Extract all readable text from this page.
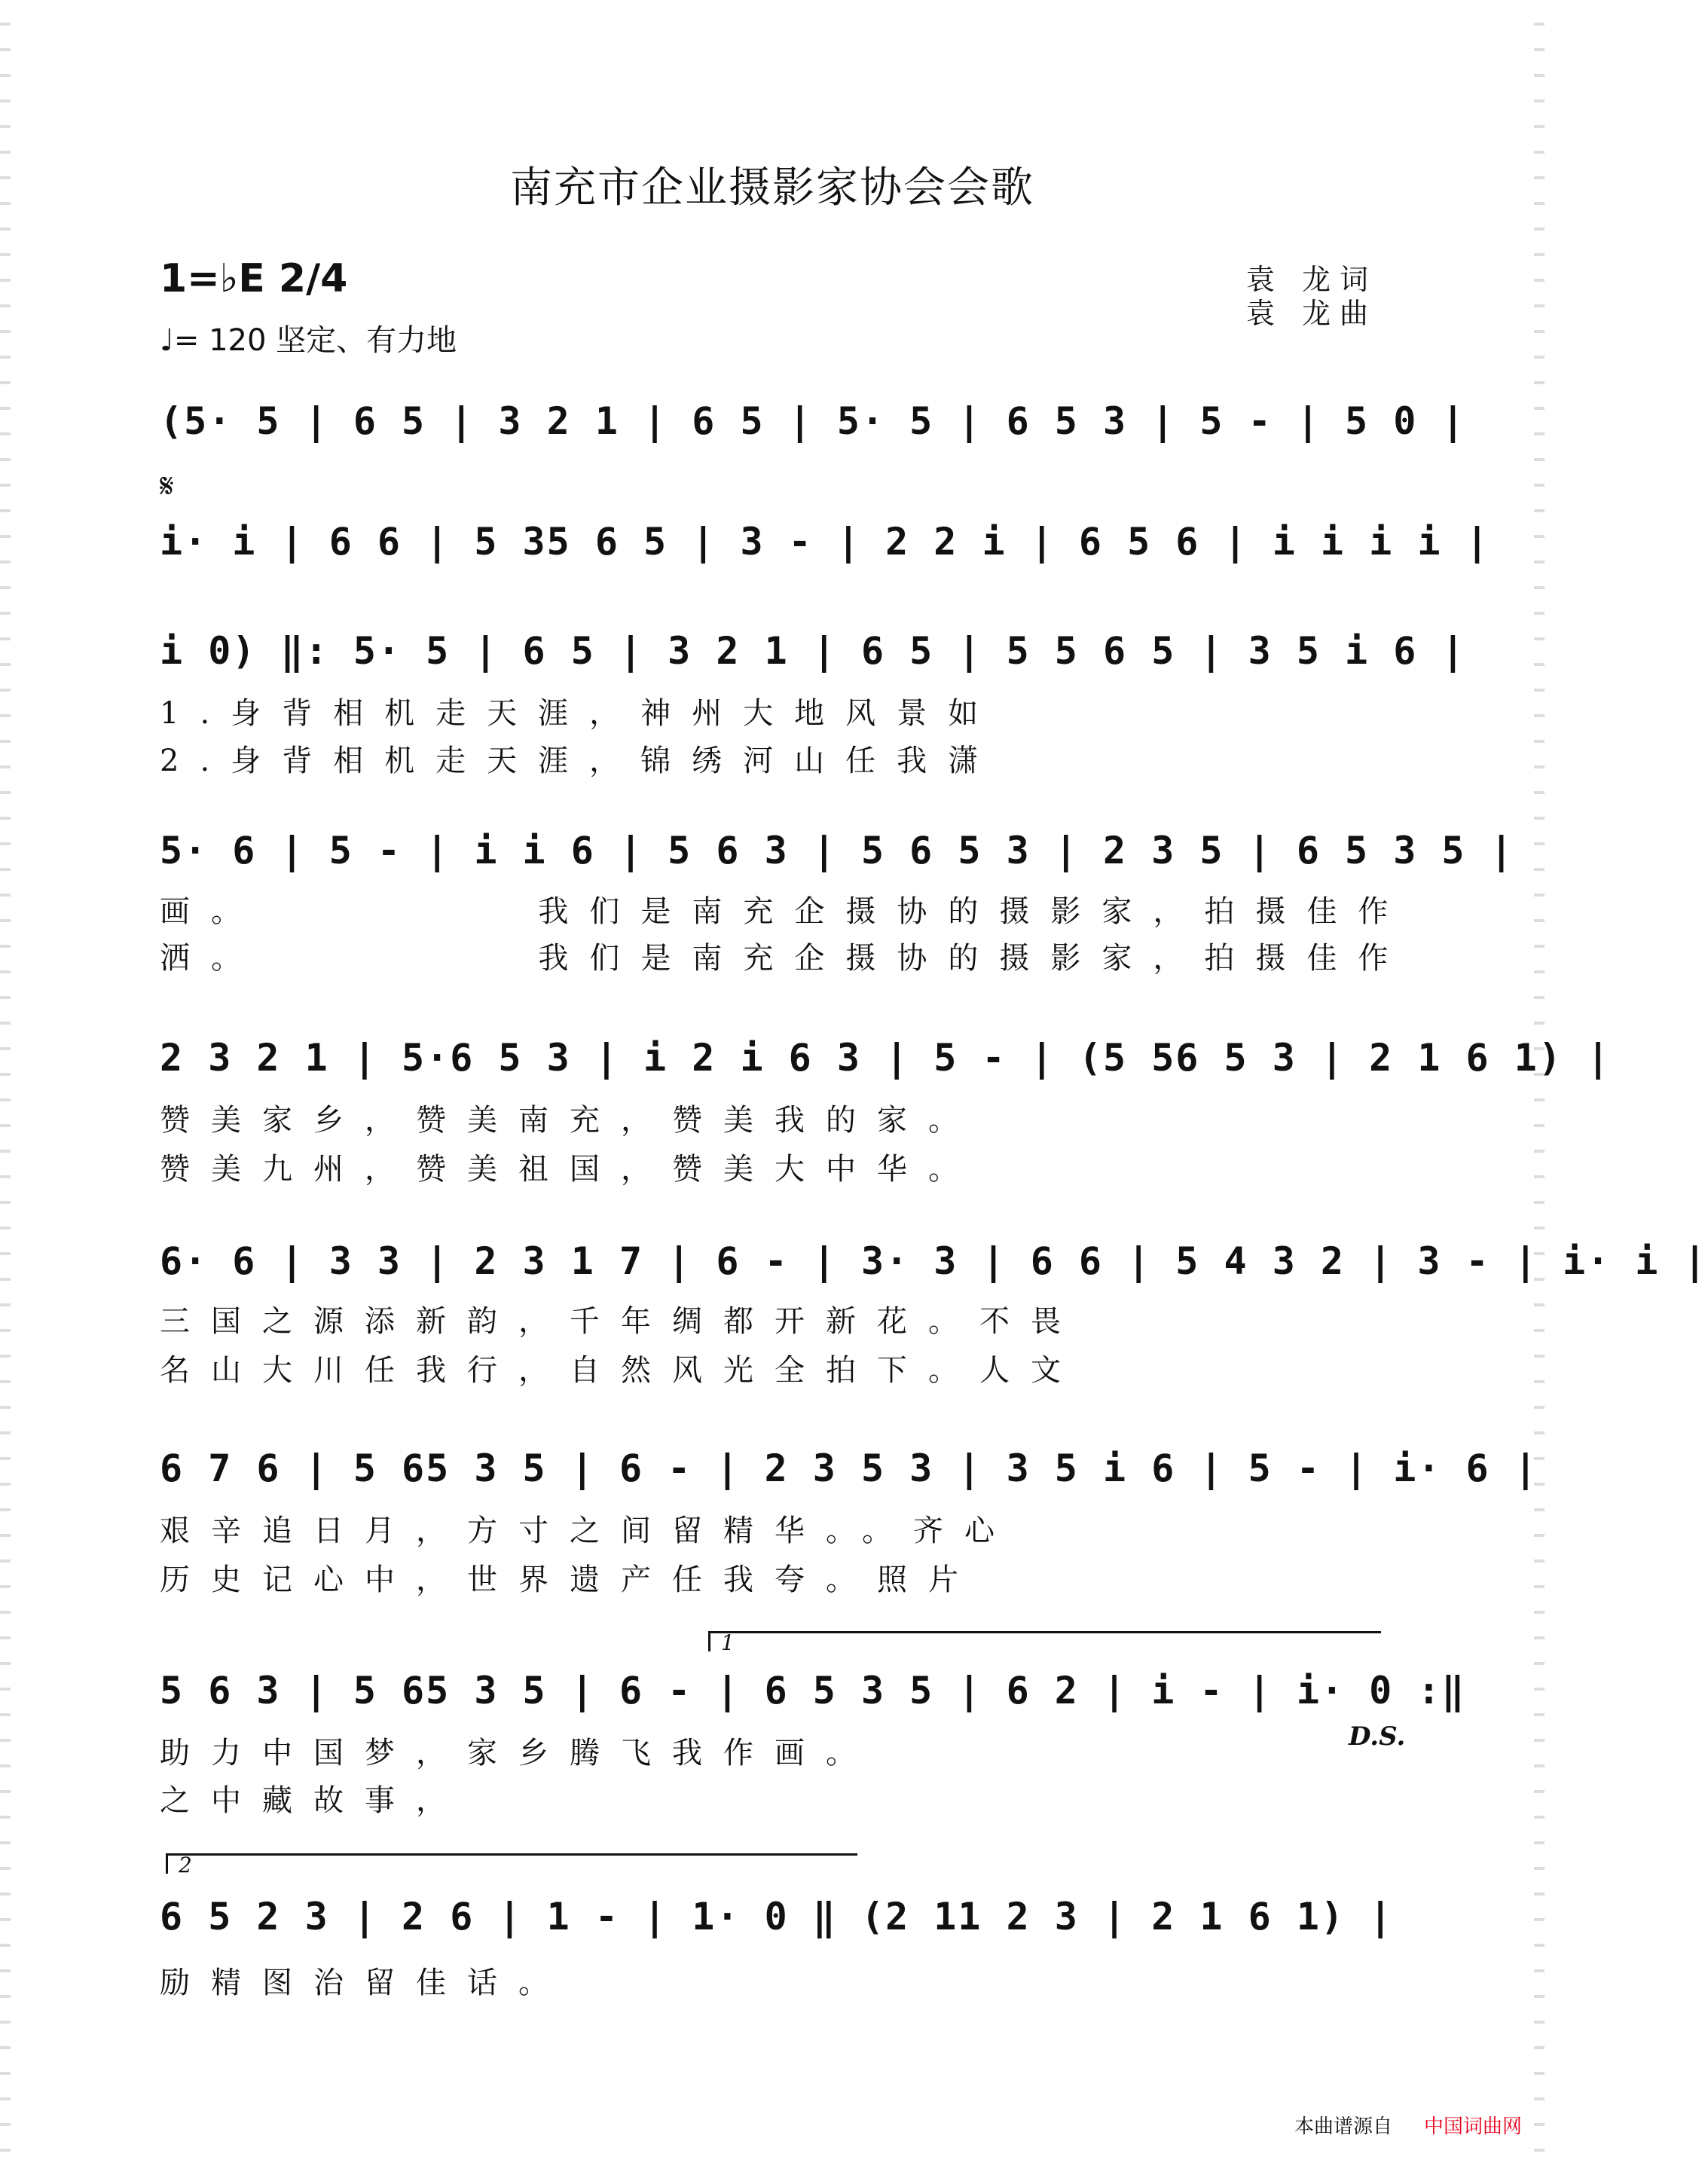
南充市企业摄影家协会会歌
1=♭E 2/4
♩= 120 坚定、有力地
袁 龙词
袁 龙曲
𝄋
(5· 5 | 6 5 | 3 2 1 | 6 5 | 5· 5 | 6 5 3 | 5 - | 5 0 |
i· i | 6 6 | 5 35 6 5 | 3 - | 2 2 i | 6 5 6 | i i i i |
i 0) ‖: 5· 5 | 6 5 | 3 2 1 | 6 5 | 5 5 6 5 | 3 5 i 6 |
1.身背相机走天涯，神州大地风景如
2.身背相机走天涯，锦绣河山任我潇
5· 6 | 5 - | i i 6 | 5 6 3 | 5 6 5 3 | 2 3 5 | 6 5 3 5 |
画。         我们是南充企摄协的摄影家，拍摄佳作
洒。         我们是南充企摄协的摄影家，拍摄佳作
2 3 2 1 | 5·6 5 3 | i 2 i 6 3 | 5 - | (5 56 5 3 | 2 1 6 1) |
赞美家乡，赞美南充，赞美我的家。
赞美九州，赞美祖国，赞美大中华。
6· 6 | 3 3 | 2 3 1 7 | 6 - | 3· 3 | 6 6 | 5 4 3 2 | 3 - | i· i |
三国之源添新韵，千年绸都开新花。不畏
名山大川任我行，自然风光全拍下。人文
6 7 6 | 5 65 3 5 | 6 - | 2 3 5 3 | 3 5 i 6 | 5 - | i· 6 |
艰辛追日月，方寸之间留精华。。齐心
历史记心中，世界遗产任我夸。照片
1
5 6 3 | 5 65 3 5 | 6 - | 6 5 3 5 | 6 2 | i - | i· 0 :‖
助力中国梦，家乡腾飞我作画。
之中藏故事，
D.S.
2
6 5 2 3 | 2 6 | 1 - | 1· 0 ‖ (2 11 2 3 | 2 1 6 1) |
励精图治留佳话。
本曲谱源自 中国词曲网
